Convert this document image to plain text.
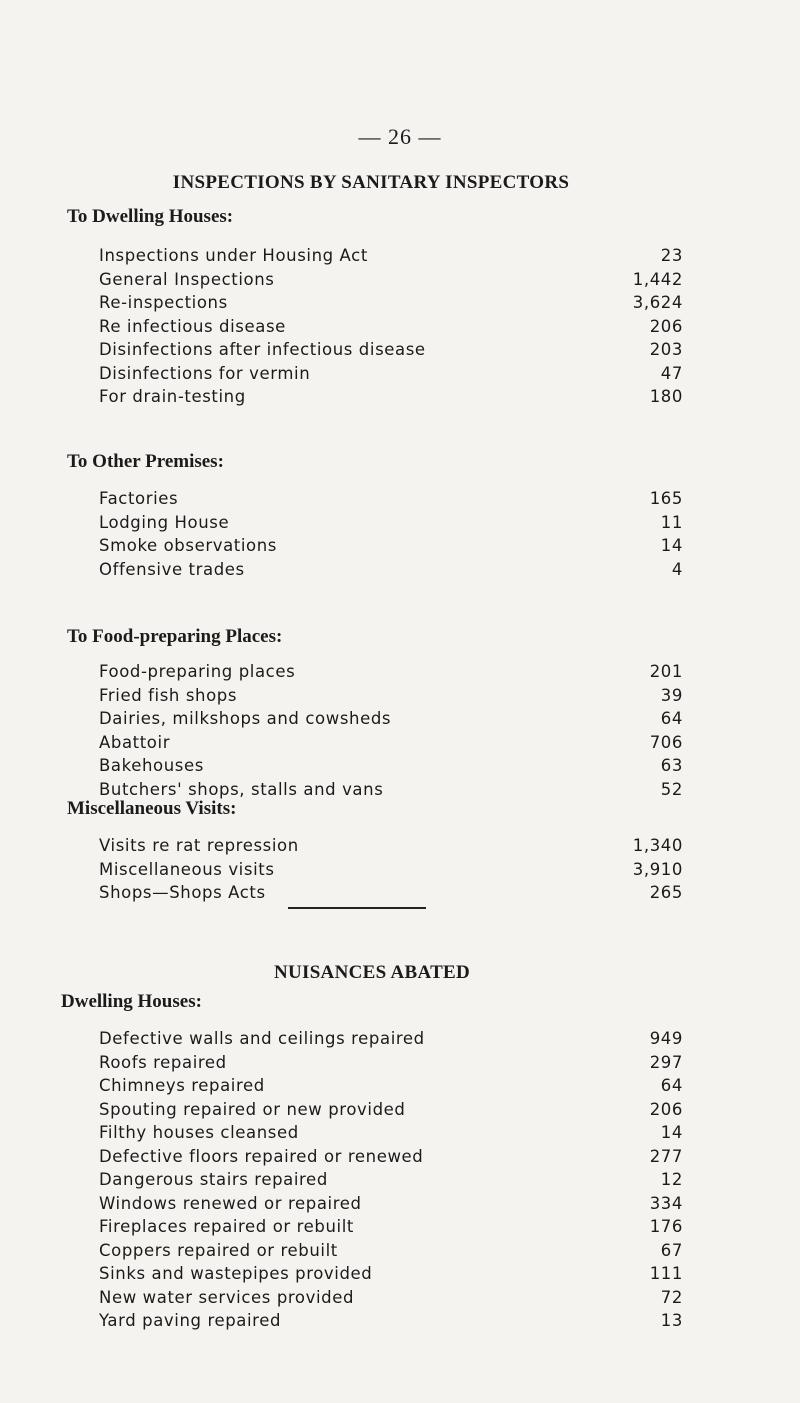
— 26 —
INSPECTIONS BY SANITARY INSPECTORS
To Dwelling Houses:
Inspections under Housing Act	23
General Inspections	1,442
Re-inspections	3,624
Re infectious disease	206
Disinfections after infectious disease	203
Disinfections for vermin	47
For drain-testing	180
To Other Premises:
Factories	165
Lodging House	11
Smoke observations	14
Offensive trades	4
To Food-preparing Places:
Food-preparing places	201
Fried fish shops	39
Dairies, milkshops and cowsheds	64
Abattoir	706
Bakehouses	63
Butchers' shops, stalls and vans	52
Miscellaneous Visits:
Visits re rat repression	1,340
Miscellaneous visits	3,910
Shops—Shops Acts	265
NUISANCES ABATED
Dwelling Houses:
Defective walls and ceilings repaired	949
Roofs repaired	297
Chimneys repaired	64
Spouting repaired or new provided	206
Filthy houses cleansed	14
Defective floors repaired or renewed	277
Dangerous stairs repaired	12
Windows renewed or repaired	334
Fireplaces repaired or rebuilt	176
Coppers repaired or rebuilt	67
Sinks and wastepipes provided	111
New water services provided	72
Yard paving repaired	13
